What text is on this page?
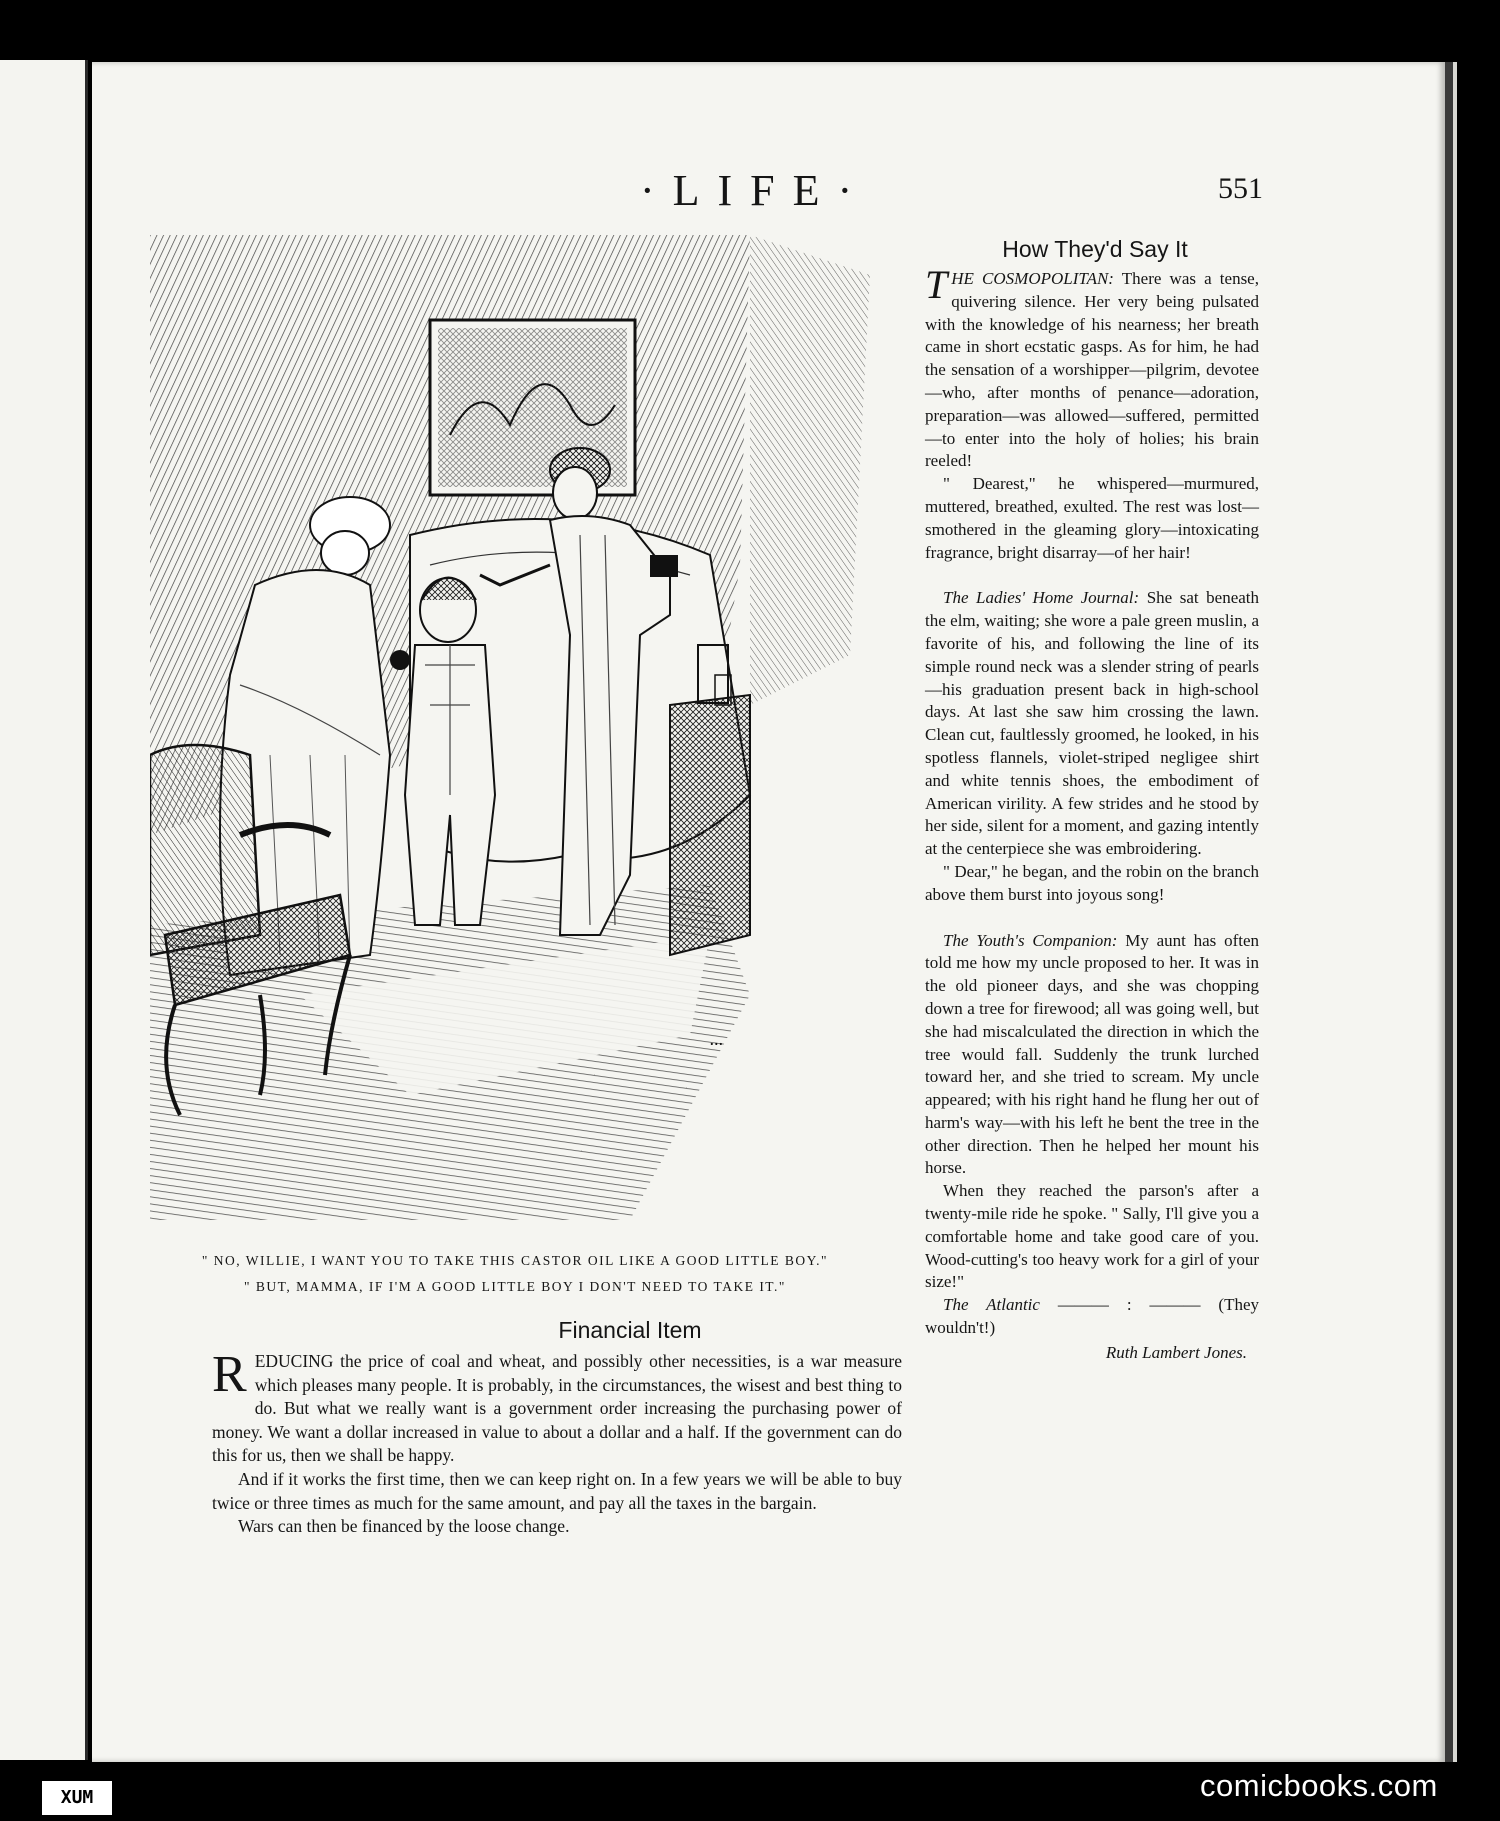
·LIFE·	551
...
" NO, WILLIE, I WANT YOU TO TAKE THIS CASTOR OIL LIKE A GOOD LITTLE BOY."
" BUT, MAMMA, IF I'M A GOOD LITTLE BOY I DON'T NEED TO TAKE IT."
Financial Item

REDUCING the price of coal and wheat, and possibly other necessities, is a war measure which pleases many people. It is probably, in the circumstances, the wisest and best thing to do. But what we really want is a government order increasing the purchasing power of money. We want a dollar increased in value to about a dollar and a half. If the government can do this for us, then we shall be happy.

And if it works the first time, then we can keep right on. In a few years we will be able to buy twice or three times as much for the same amount, and pay all the taxes in the bargain.

Wars can then be financed by the loose change.

How They'd Say It

THE COSMOPOLITAN: There was a tense, quivering silence. Her very being pulsated with the knowledge of his nearness; her breath came in short ecstatic gasps. As for him, he had the sensation of a worshipper—pilgrim, devotee—who, after months of penance—adoration, preparation—was allowed—suffered, permitted—to enter into the holy of holies; his brain reeled!

" Dearest," he whispered—murmured, muttered, breathed, exulted. The rest was lost—smothered in the gleaming glory—intoxicating fragrance, bright disarray—of her hair!

The Ladies' Home Journal: She sat beneath the elm, waiting; she wore a pale green muslin, a favorite of his, and following the line of its simple round neck was a slender string of pearls—his graduation present back in high-school days. At last she saw him crossing the lawn. Clean cut, faultlessly groomed, he looked, in his spotless flannels, violet-striped negligee shirt and white tennis shoes, the embodiment of American virility. A few strides and he stood by her side, silent for a moment, and gazing intently at the centerpiece she was embroidering.

" Dear," he began, and the robin on the branch above them burst into joyous song!

The Youth's Companion: My aunt has often told me how my uncle proposed to her. It was in the old pioneer days, and she was chopping down a tree for firewood; all was going well, but she had miscalculated the direction in which the tree would fall. Suddenly the trunk lurched toward her, and she tried to scream. My uncle appeared; with his right hand he flung her out of harm's way—with his left he bent the tree in the other direction. Then he helped her mount his horse.

When they reached the parson's after a twenty-mile ride he spoke. " Sally, I'll give you a comfortable home and take good care of you. Wood-cutting's too heavy work for a girl of your size!"

The Atlantic ——— : ——— (They wouldn't!)

Ruth Lambert Jones.
XUM	comicbooks.com
